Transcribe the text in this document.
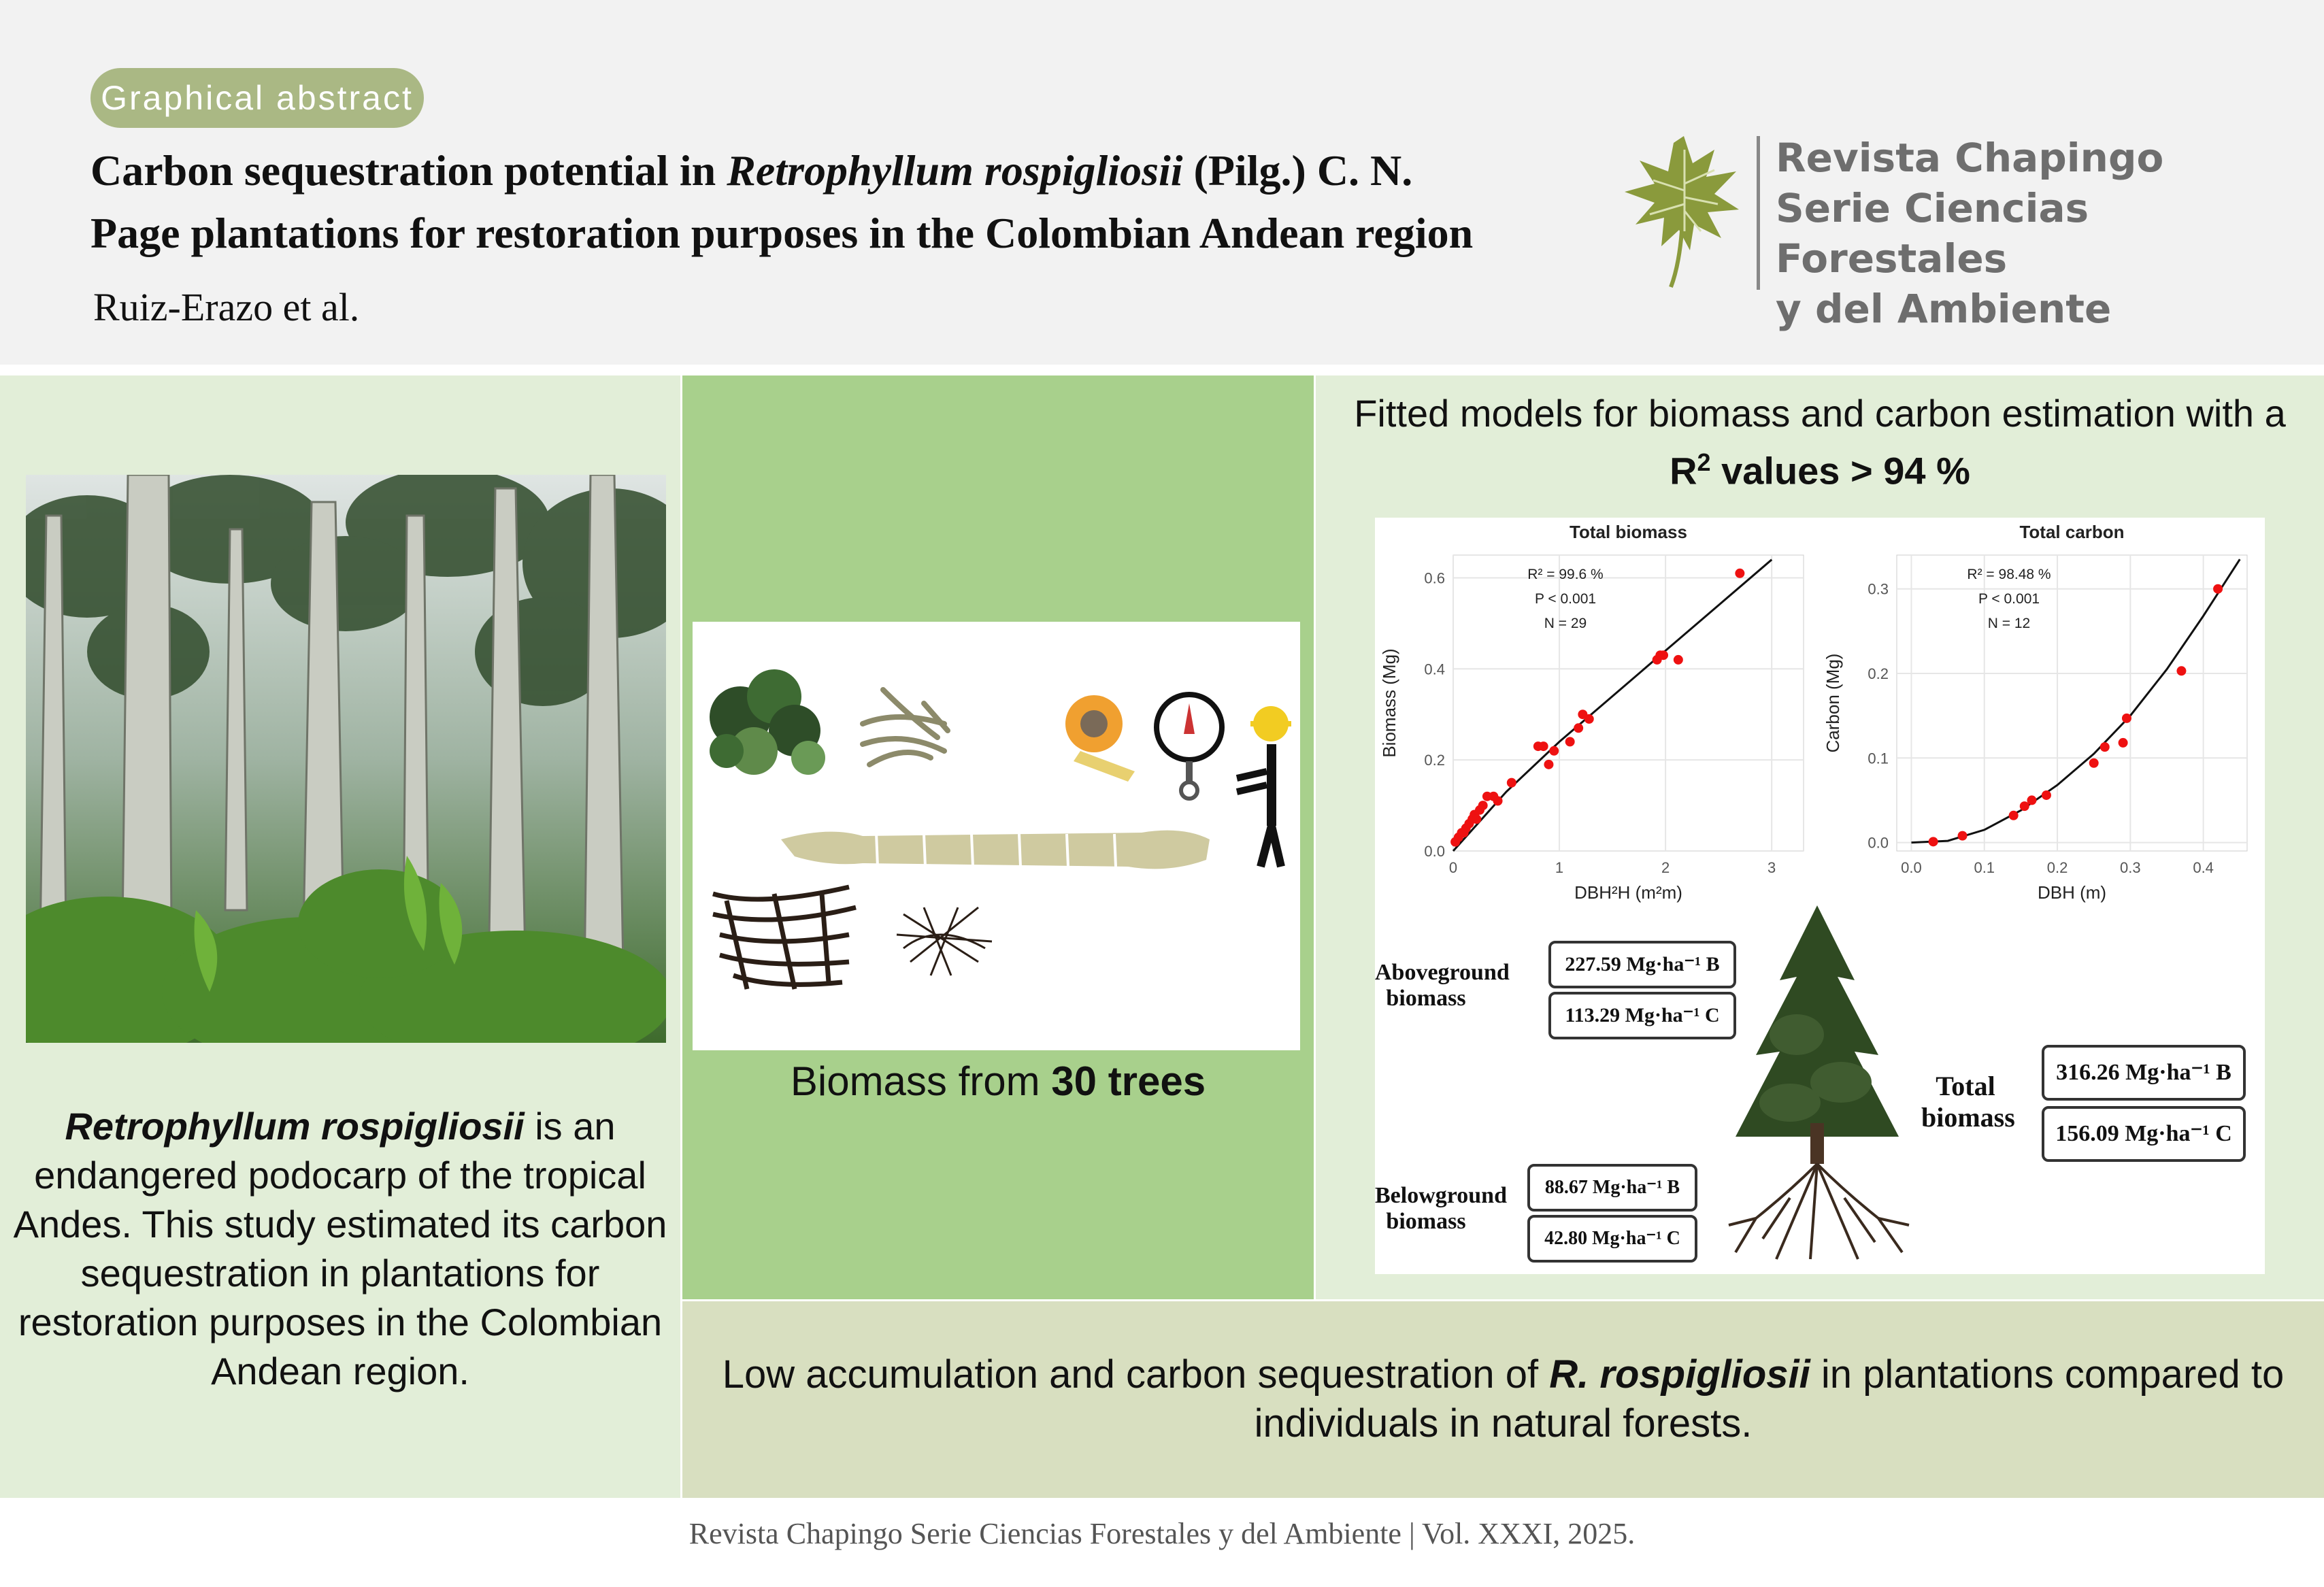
Graphical abstract
Carbon sequestration potential in Retrophyllum rospigliosii (Pilg.) C. N.
Page plantations for restoration purposes in the Colombian Andean region
Ruiz-Erazo et al.
Revista Chapingo
Serie Ciencias Forestales
y del Ambiente
Retrophyllum rospigliosii is an endangered podocarp of the tropical Andes. This study estimated its carbon sequestration in plantations for restoration purposes in the Colombian Andean region.
Biomass from 30 trees
Fitted models for biomass and carbon estimation with a
$R^2$ values > 94 %
Total biomass
0	1	2	3
0.0
0.2
0.4
0.6
DBH²H (m²m)
Biomass (Mg)
R² = 99.6 %
P < 0.001
N = 29
Total carbon
0.0	0.1	0.2	0.3	0.4
0.0
0.1
0.2
0.3
DBH (m)
Carbon (Mg)
R² = 98.48 %
P < 0.001
N = 12
Aboveground biomass
227.59 Mg·ha⁻¹ B
113.29 Mg·ha⁻¹ C
Belowground biomass
88.67 Mg·ha⁻¹ B
42.80 Mg·ha⁻¹ C
Total biomass
316.26 Mg·ha⁻¹ B
156.09 Mg·ha⁻¹ C
Low accumulation and carbon sequestration of R. rospigliosii in plantations compared to individuals in natural forests.
Revista Chapingo Serie Ciencias Forestales y del Ambiente | Vol. XXXI, 2025.
